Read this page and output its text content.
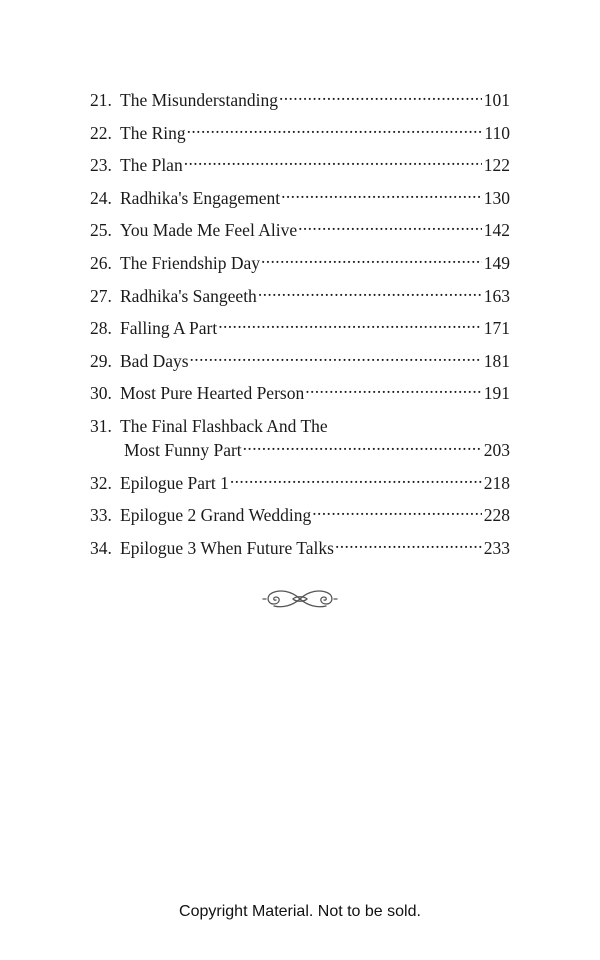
21. The Misunderstanding .....	101
22. The Ring .....	110
23. The Plan .....	122
24. Radhika's Engagement .....	130
25. You Made Me Feel Alive .....	142
26. The Friendship Day .....	149
27. Radhika's Sangeeth .....	163
28. Falling A Part .....	171
29. Bad Days .....	181
30. Most Pure Hearted Person .....	191
31. The Final Flashback And The
Most Funny Part .....	203
32. Epilogue Part 1 .....	218
33. Epilogue 2 Grand Wedding .....	228
34. Epilogue 3 When Future Talks .....	233
Copyright Material. Not to be sold.
